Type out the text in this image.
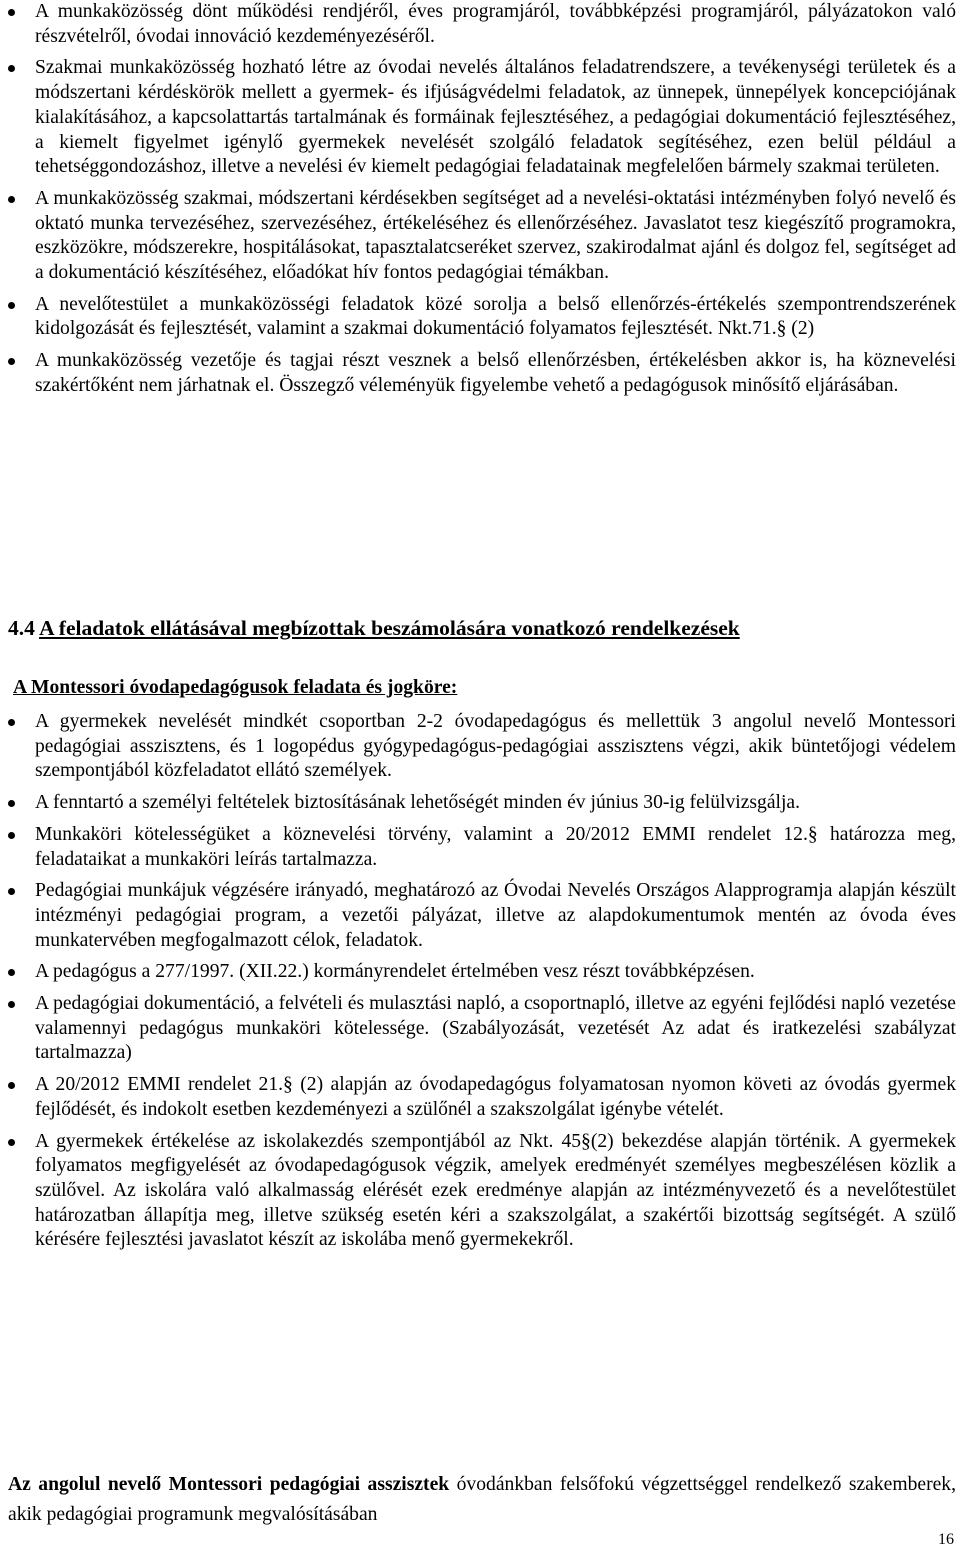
A munkaközösség dönt működési rendjéről, éves programjáról, továbbképzési programjáról, pályázatokon való részvételről, óvodai innováció kezdeményezéséről.
Szakmai munkaközösség hozható létre az óvodai nevelés általános feladatrendszere, a tevékenységi területek és a módszertani kérdéskörök mellett a gyermek- és ifjúságvédelmi feladatok, az ünnepek, ünnepélyek koncepciójának kialakításához, a kapcsolattartás tartalmának és formáinak fejlesztéséhez, a pedagógiai dokumentáció fejlesztéséhez, a kiemelt figyelmet igénylő gyermekek nevelését szolgáló feladatok segítéséhez, ezen belül például a tehetséggondozáshoz, illetve a nevelési év kiemelt pedagógiai feladatainak megfelelően bármely szakmai területen.
A munkaközösség szakmai, módszertani kérdésekben segítséget ad a nevelési-oktatási intézményben folyó nevelő és oktató munka tervezéséhez, szervezéséhez, értékeléséhez és ellenőrzéséhez. Javaslatot tesz kiegészítő programokra, eszközökre, módszerekre, hospitálásokat, tapasztalatcseréket szervez, szakirodalmat ajánl és dolgoz fel, segítséget ad a dokumentáció készítéséhez, előadókat hív fontos pedagógiai témákban.
A nevelőtestület a munkaközösségi feladatok közé sorolja a belső ellenőrzés-értékelés szempontrendszerének kidolgozását és fejlesztését, valamint a szakmai dokumentáció folyamatos fejlesztését. Nkt.71.§ (2)
A munkaközösség vezetője és tagjai részt vesznek a belső ellenőrzésben, értékelésben akkor is, ha köznevelési szakértőként nem járhatnak el. Összegző véleményük figyelembe vehető a pedagógusok minősítő eljárásában.
4.4 A feladatok ellátásával megbízottak beszámolására vonatkozó rendelkezések
A Montessori óvodapedagógusok feladata és jogköre:
A gyermekek nevelését mindkét csoportban 2-2 óvodapedagógus és mellettük 3 angolul nevelő Montessori pedagógiai asszisztens, és 1 logopédus gyógypedagógus-pedagógiai asszisztens végzi, akik büntetőjogi védelem szempontjából közfeladatot ellátó személyek.
A fenntartó a személyi feltételek biztosításának lehetőségét minden év június 30-ig felülvizsgálja.
Munkaköri kötelességüket a köznevelési törvény, valamint a 20/2012 EMMI rendelet 12.§ határozza meg, feladataikat a munkaköri leírás tartalmazza.
Pedagógiai munkájuk végzésére irányadó, meghatározó az Óvodai Nevelés Országos Alapprogramja alapján készült intézményi pedagógiai program, a vezetői pályázat, illetve az alapdokumentumok mentén az óvoda éves munkatervében megfogalmazott célok, feladatok.
A pedagógus a 277/1997. (XII.22.) kormányrendelet értelmében vesz részt továbbképzésen.
A pedagógiai dokumentáció, a felvételi és mulasztási napló, a csoportnapló, illetve az egyéni fejlődési napló vezetése valamennyi pedagógus munkaköri kötelessége. (Szabályozását, vezetését Az adat és iratkezelési szabályzat tartalmazza)
A 20/2012 EMMI rendelet 21.§ (2) alapján az óvodapedagógus folyamatosan nyomon követi az óvodás gyermek fejlődését, és indokolt esetben kezdeményezi a szülőnél a szakszolgálat igénybe vételét.
A gyermekek értékelése az iskolakezdés szempontjából az Nkt. 45§(2) bekezdése alapján történik. A gyermekek folyamatos megfigyelését az óvodapedagógusok végzik, amelyek eredményét személyes megbeszélésen közlik a szülővel. Az iskolára való alkalmasság elérését ezek eredménye alapján az intézményvezető és a nevelőtestület határozatban állapítja meg, illetve szükség esetén kéri a szakszolgálat, a szakértői bizottság segítségét. A szülő kérésére fejlesztési javaslatot készít az iskolába menő gyermekekről.

Az angolul nevelő Montessori pedagógiai asszisztek óvodánkban felsőfokú végzettséggel rendelkező szakemberek, akik pedagógiai programunk megvalósításában

16
